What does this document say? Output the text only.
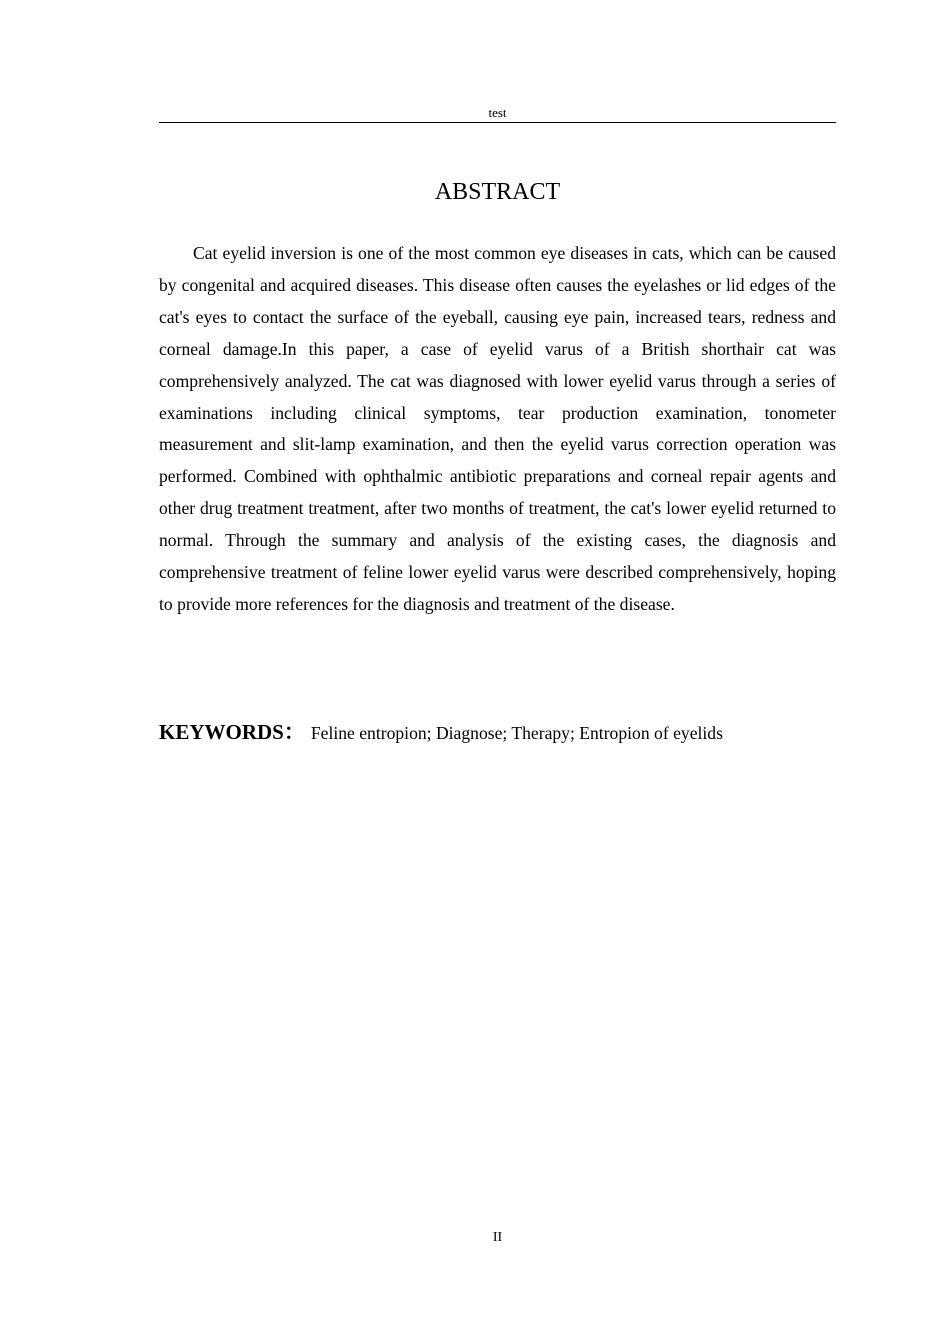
test
ABSTRACT

Cat eyelid inversion is one of the most common eye diseases in cats, which can be caused by congenital and acquired diseases. This disease often causes the eyelashes or lid edges of the cat's eyes to contact the surface of the eyeball, causing eye pain, increased tears, redness and corneal damage.In this paper, a case of eyelid varus of a British shorthair cat was comprehensively analyzed. The cat was diagnosed with lower eyelid varus through a series of examinations including clinical symptoms, tear production examination, tonometer measurement and slit-lamp examination, and then the eyelid varus correction operation was performed. Combined with ophthalmic antibiotic preparations and corneal repair agents and other drug treatment treatment, after two months of treatment, the cat's lower eyelid returned to normal. Through the summary and analysis of the existing cases, the diagnosis and comprehensive treatment of feline lower eyelid varus were described comprehensively, hoping to provide more references for the diagnosis and treatment of the disease.

KEYWORDS： Feline entropion; Diagnose; Therapy; Entropion of eyelids
II
